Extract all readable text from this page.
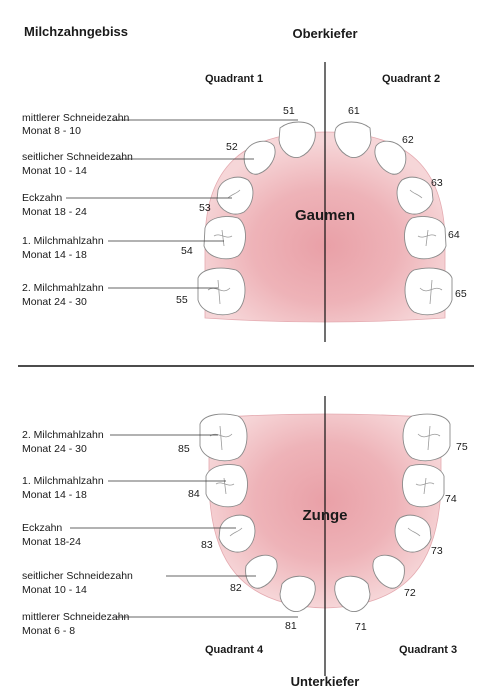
Milchzahngebiss	Oberkiefer
Quadrant 1	Quadrant 2
Gaumen
mittlerer Schneidezahn
Monat 8 - 10
seitlicher Schneidezahn
Monat 10 - 14
Eckzahn
Monat 18 - 24
1. Milchmahlzahn
Monat 14 - 18
2. Milchmahlzahn
Monat 24 - 30
51
52
53
54
55
61
62
63
64
65
Zunge
2. Milchmahlzahn
Monat 24 - 30
1. Milchmahlzahn
Monat 14 - 18
Eckzahn
Monat 18-24
seitlicher Schneidezahn
Monat 10 - 14
mittlerer Schneidezahn
Monat 6 - 8
85
84
83
82
81
75
74
73
72
71
Quadrant 4	Quadrant 3
Unterkiefer
